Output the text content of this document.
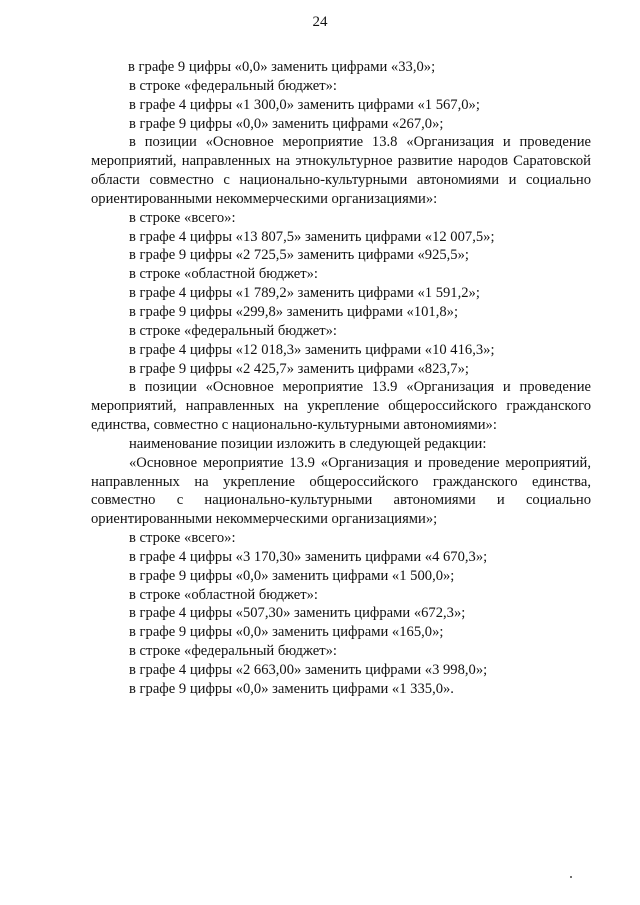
24

в графе 9 цифры «0,0» заменить цифрами «33,0»;

в строке «федеральный бюджет»:

в графе 4 цифры «1 300,0» заменить цифрами «1 567,0»;

в графе 9 цифры «0,0» заменить цифрами «267,0»;

в позиции «Основное мероприятие 13.8 «Организация и проведение мероприятий, направленных на этнокультурное развитие народов Саратовской области совместно с национально-культурными автономиями и социально ориентированными некоммерческими организациями»:

в строке «всего»:

в графе 4 цифры «13 807,5» заменить цифрами «12 007,5»;

в графе 9 цифры «2 725,5» заменить цифрами «925,5»;

в строке «областной бюджет»:

в графе 4 цифры «1 789,2» заменить цифрами «1 591,2»;

в графе 9 цифры «299,8» заменить цифрами «101,8»;

в строке «федеральный бюджет»:

в графе 4 цифры «12 018,3» заменить цифрами «10 416,3»;

в графе 9 цифры «2 425,7» заменить цифрами «823,7»;

в позиции «Основное мероприятие 13.9 «Организация и проведение мероприятий, направленных на укрепление общероссийского гражданского единства, совместно с национально-культурными автономиями»:

наименование позиции изложить в следующей редакции:

«Основное мероприятие 13.9 «Организация и проведение мероприятий, направленных на укрепление общероссийского гражданского единства, совместно с национально-культурными автономиями и социально ориентированными некоммерческими организациями»;

в строке «всего»:

в графе 4 цифры «3 170,30» заменить цифрами «4 670,3»;

в графе 9 цифры «0,0» заменить цифрами «1 500,0»;

в строке «областной бюджет»:

в графе 4 цифры «507,30» заменить цифрами «672,3»;

в графе 9 цифры «0,0» заменить цифрами «165,0»;

в строке «федеральный бюджет»:

в графе 4 цифры «2 663,00» заменить цифрами «3 998,0»;

в графе 9 цифры «0,0» заменить цифрами «1 335,0».
